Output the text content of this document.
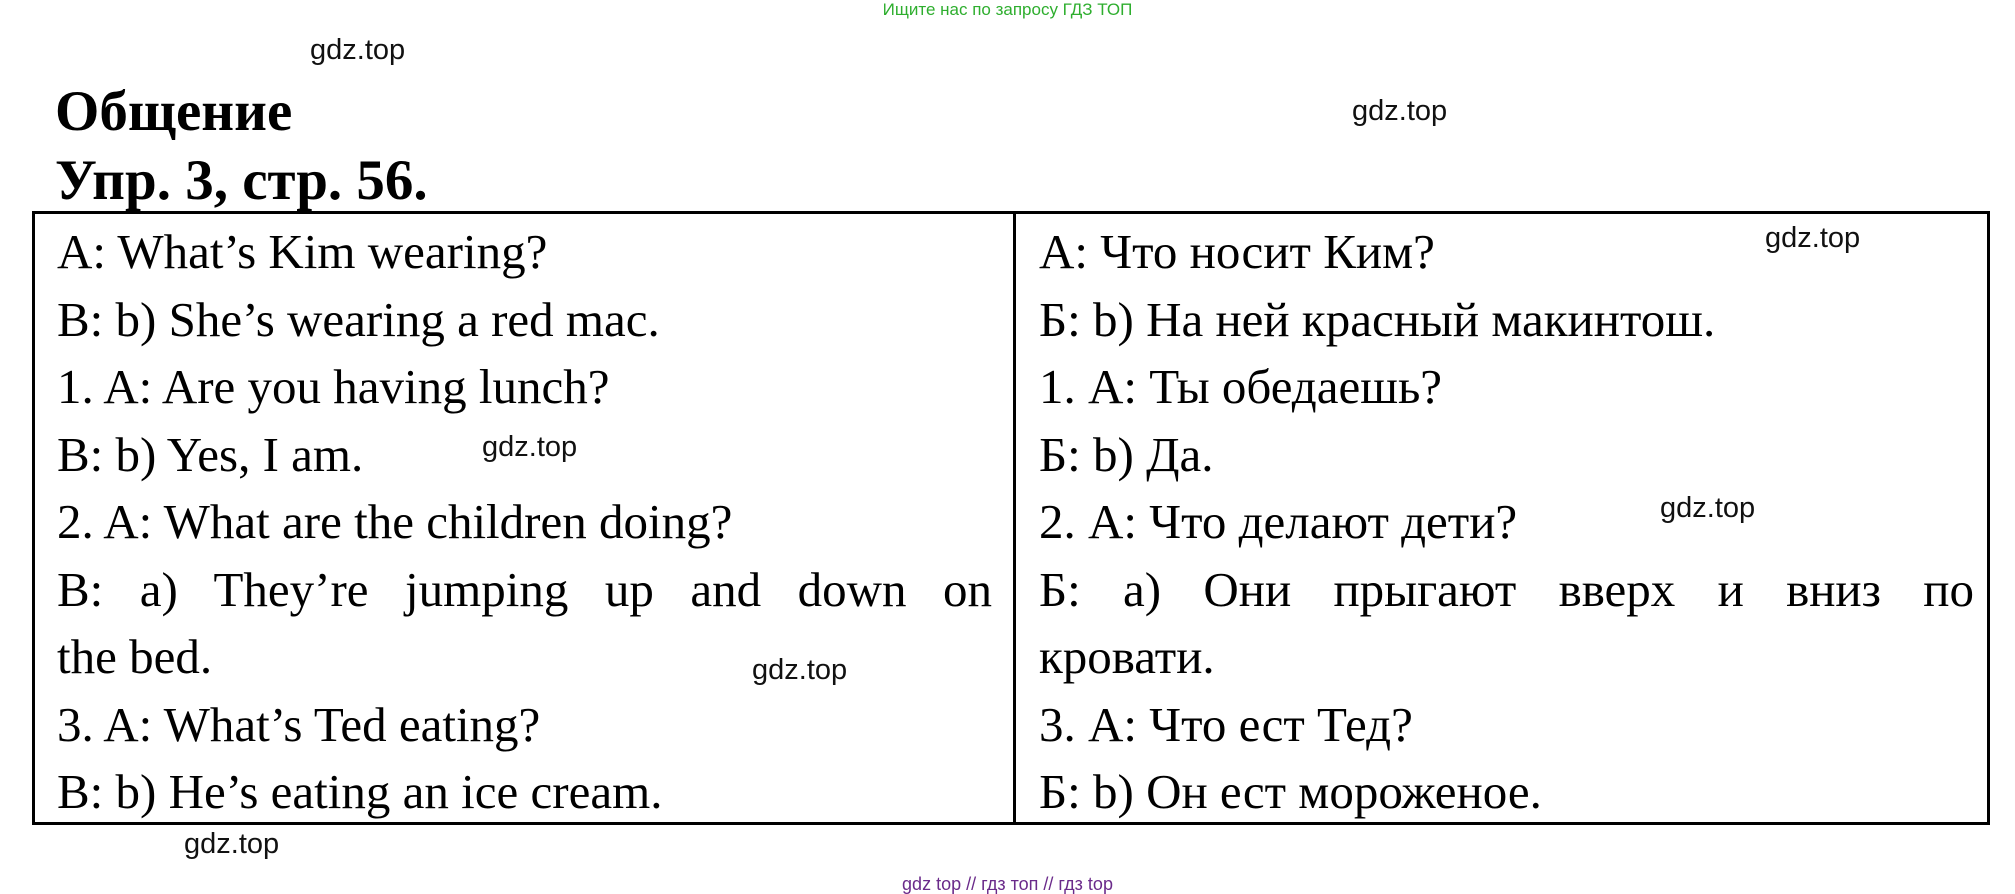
Ищите нас по запросу ГДЗ ТОП
gdz.top
gdz.top
gdz.top
gdz.top
gdz.top
gdz.top
gdz.top
Общение
Упр. 3, стр. 56.
A: What’s Kim wearing?
B: b) She’s wearing a red mac.
1. A: Are you having lunch?
B: b) Yes, I am.
2. A: What are the children doing?
B: a) They’re jumping up and down on
the bed.
3. A: What’s Ted eating?
B: b) He’s eating an ice cream.
А: Что носит Ким?
Б: b) На ней красный макинтош.
1. А: Ты обедаешь?
Б: b) Да.
2. А: Что делают дети?
Б: а) Они прыгают вверх и вниз по
кровати.
3. А: Что ест Тед?
Б: b) Он ест мороженое.
gdz top // гдз топ // гдз top
